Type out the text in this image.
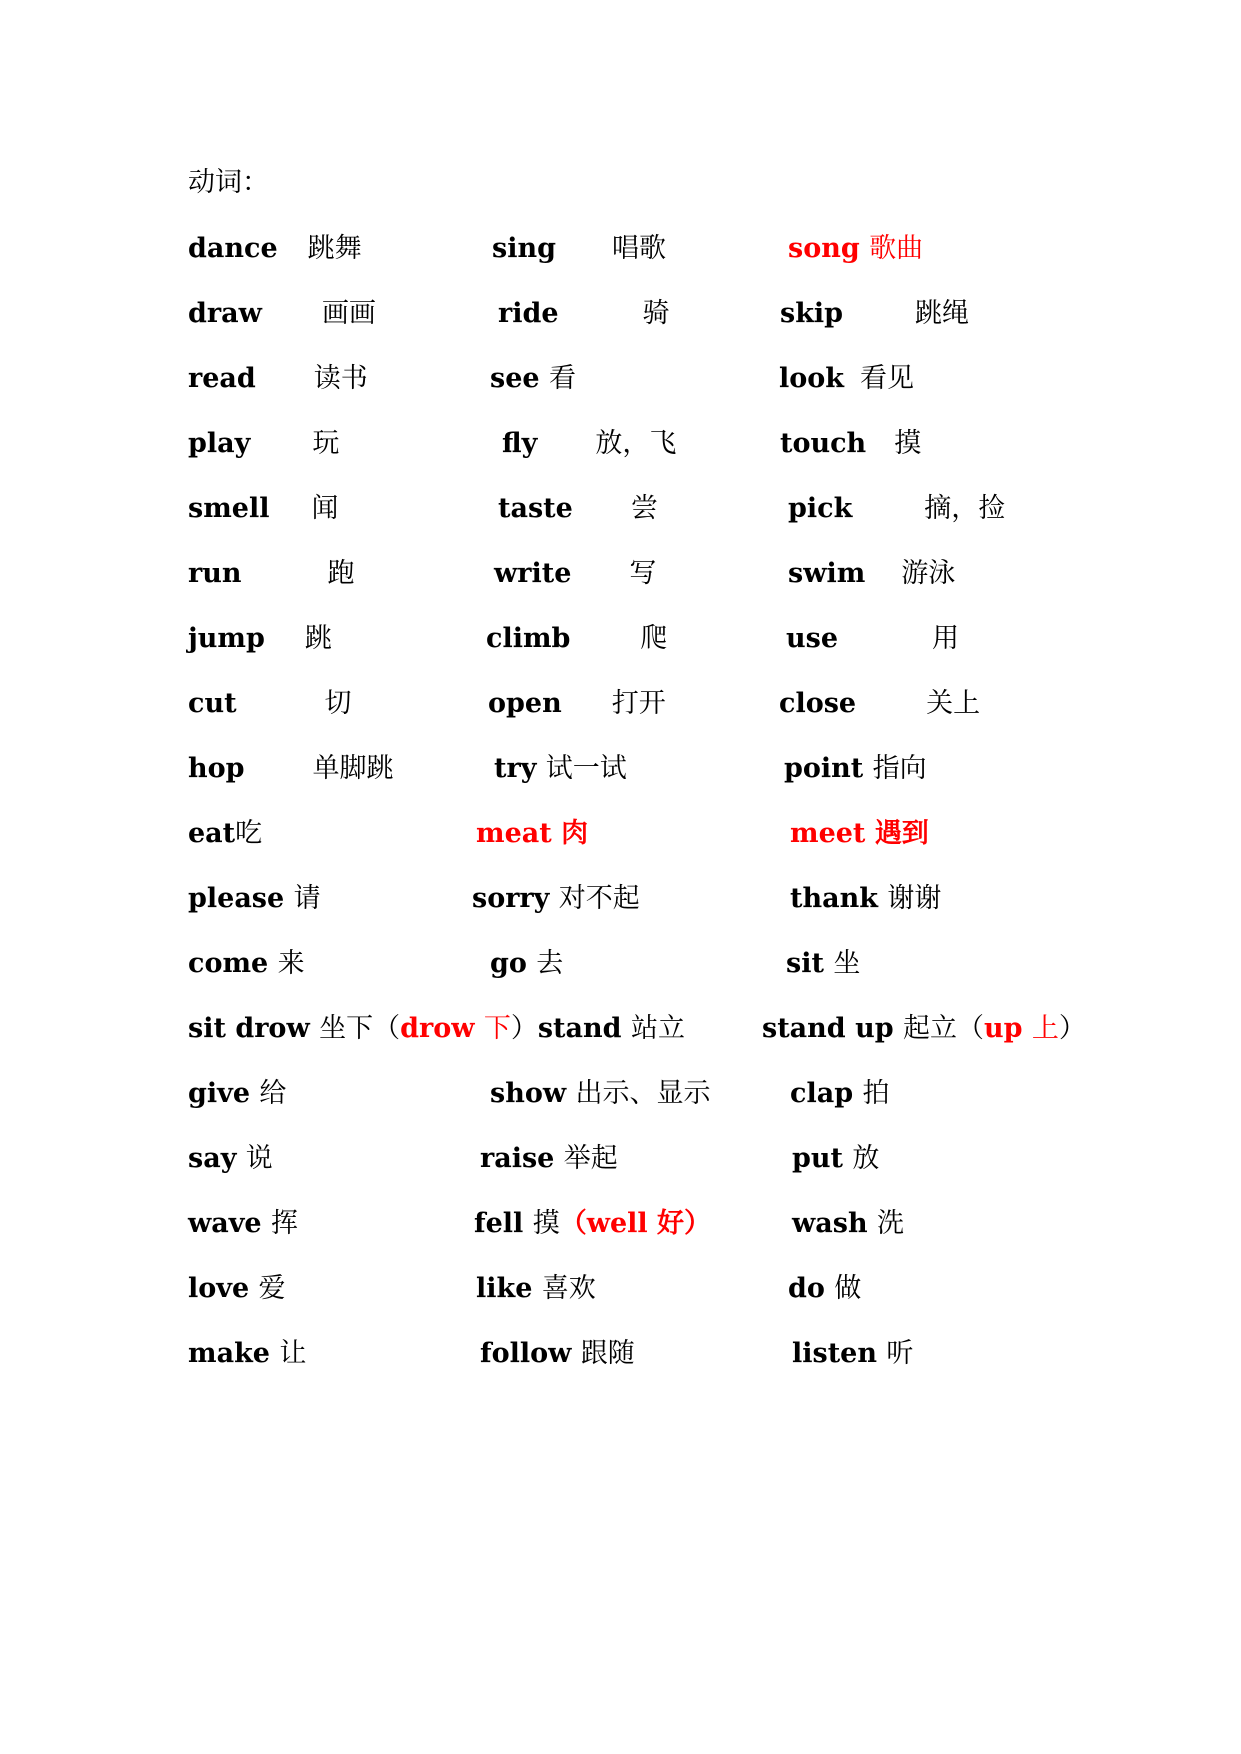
动词：
dance 跳舞	sing 唱歌	song 歌曲
draw 画画	ride	骑	skip	跳绳
read 读书	see 看	look 看见
play 玩	fly 放，飞	touch 摸
smell 闻	taste 尝	pick	摘，捡
run	跑	write 写	swim 游泳
jump 跳	climb	爬	use	用
cut	切	open 打开	close	关上
hop	单脚跳	try 试一试	point 指向
eat吃	meat 肉	meet 遇到
please 请	sorry 对不起	thank 谢谢
come 来	go 去	sit 坐
sit drow 坐下（drow 下）stand 站立	stand up 起立（up 上）
give 给	show 出示、显示	clap 拍
say 说	raise 举起	put 放
wave 挥	fell 摸（well 好）	wash 洗
love 爱	like 喜欢	do 做
make 让	follow 跟随	listen 听
